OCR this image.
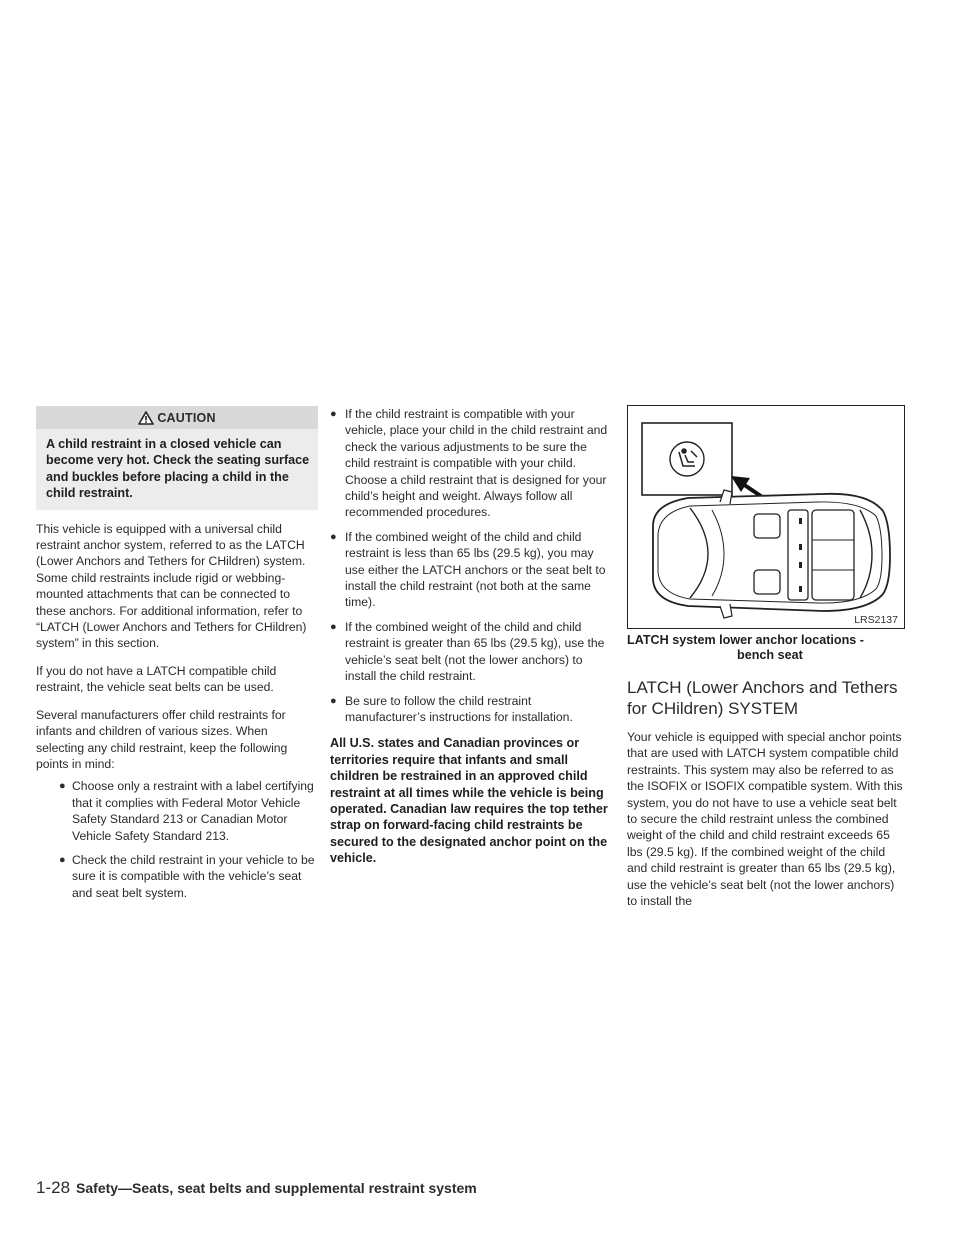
CAUTION
A child restraint in a closed vehicle can become very hot. Check the seating surface and buckles before placing a child in the child restraint.

This vehicle is equipped with a universal child restraint anchor system, referred to as the LATCH (Lower Anchors and Tethers for CHildren) system. Some child restraints include rigid or webbing-mounted attachments that can be connected to these anchors. For additional information, refer to “LATCH (Lower Anchors and Tethers for CHildren) system” in this section.

If you do not have a LATCH compatible child restraint, the vehicle seat belts can be used.

Several manufacturers offer child restraints for infants and children of various sizes. When selecting any child restraint, keep the following points in mind:

● Choose only a restraint with a label certifying that it complies with Federal Motor Vehicle Safety Standard 213 or Canadian Motor Vehicle Safety Standard 213.
● Check the child restraint in your vehicle to be sure it is compatible with the vehicle’s seat and seat belt system.
● If the child restraint is compatible with your vehicle, place your child in the child restraint and check the various adjustments to be sure the child restraint is compatible with your child. Choose a child restraint that is designed for your child’s height and weight. Always follow all recommended procedures.
● If the combined weight of the child and child restraint is less than 65 lbs (29.5 kg), you may use either the LATCH anchors or the seat belt to install the child restraint (not both at the same time).
● If the combined weight of the child and child restraint is greater than 65 lbs (29.5 kg), use the vehicle’s seat belt (not the lower anchors) to install the child restraint.
● Be sure to follow the child restraint manufacturer’s instructions for installation.

All U.S. states and Canadian provinces or territories require that infants and small children be restrained in an approved child restraint at all times while the vehicle is being operated. Canadian law requires the top tether strap on forward-facing child restraints be secured to the designated anchor point on the vehicle.

LRS2137
LATCH system lower anchor locations -
bench seat
LATCH (Lower Anchors and Tethers for CHildren) SYSTEM

Your vehicle is equipped with special anchor points that are used with LATCH system compatible child restraints. This system may also be referred to as the ISOFIX or ISOFIX compatible system. With this system, you do not have to use a vehicle seat belt to secure the child restraint unless the combined weight of the child and child restraint exceeds 65 lbs (29.5 kg). If the combined weight of the child and child restraint is greater than 65 lbs (29.5 kg), use the vehicle’s seat belt (not the lower anchors) to install the

1-28 Safety—Seats, seat belts and supplemental restraint system
